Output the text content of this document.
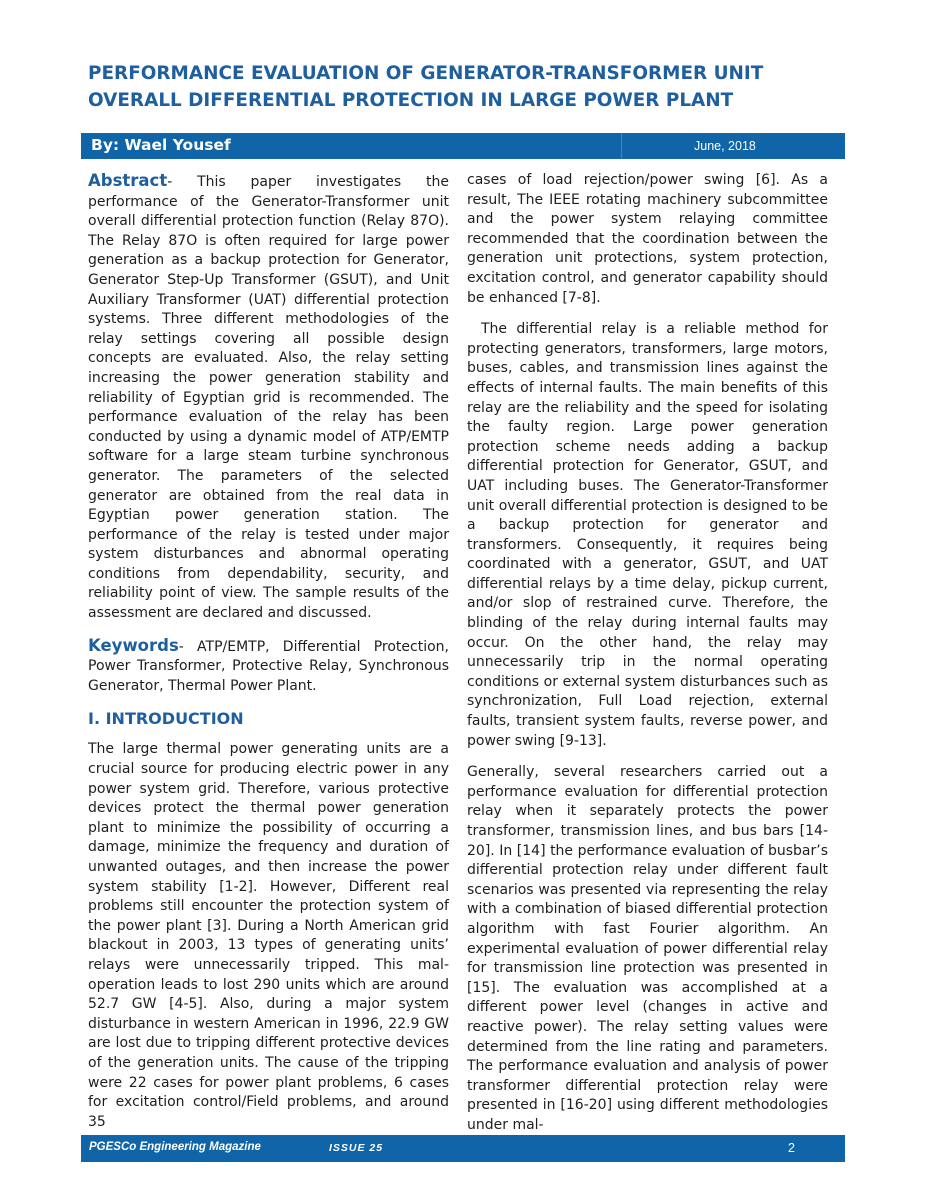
PERFORMANCE EVALUATION OF GENERATOR-TRANSFORMER UNIT
OVERALL DIFFERENTIAL PROTECTION IN LARGE POWER PLANT
By: Wael Yousef	June, 2018

Abstract- This paper investigates the performance of the Generator-Transformer unit overall differential protection function (Relay 87O). The Relay 87O is often required for large power generation as a backup protection for Generator, Generator Step-Up Transformer (GSUT), and Unit Auxiliary Transformer (UAT) differential protection systems. Three different methodologies of the relay settings covering all possible design concepts are evaluated. Also, the relay setting increasing the power generation stability and reliability of Egyptian grid is recommended. The performance evaluation of the relay has been conducted by using a dynamic model of ATP/EMTP software for a large steam turbine synchronous generator. The parameters of the selected generator are obtained from the real data in Egyptian power generation station. The performance of the relay is tested under major system disturbances and abnormal operating conditions from dependability, security, and reliability point of view. The sample results of the assessment are declared and discussed.

Keywords- ATP/EMTP, Differential Protection, Power Transformer, Protective Relay, Synchronous Generator, Thermal Power Plant.

I. INTRODUCTION

The large thermal power generating units are a crucial source for producing electric power in any power system grid. Therefore, various protective devices protect the thermal power generation plant to minimize the possibility of occurring a damage, minimize the frequency and duration of unwanted outages, and then increase the power system stability [1-2]. However, Different real problems still encounter the protection system of the power plant [3]. During a North American grid blackout in 2003, 13 types of generating units’ relays were unnecessarily tripped. This mal-operation leads to lost 290 units which are around 52.7 GW [4-5]. Also, during a major system disturbance in western American in 1996, 22.9 GW are lost due to tripping different protective devices of the generation units. The cause of the tripping were 22 cases for power plant problems, 6 cases for excitation control/Field problems, and around 35

cases of load rejection/power swing [6]. As a result, The IEEE rotating machinery subcommittee and the power system relaying committee recommended that the coordination between the generation unit protections, system protection, excitation control, and generator capability should be enhanced [7-8].

The differential relay is a reliable method for protecting generators, transformers, large motors, buses, cables, and transmission lines against the effects of internal faults. The main benefits of this relay are the reliability and the speed for isolating the faulty region. Large power generation protection scheme needs adding a backup differential protection for Generator, GSUT, and UAT including buses. The Generator-Transformer unit overall differential protection is designed to be a backup protection for generator and transformers. Consequently, it requires being coordinated with a generator, GSUT, and UAT differential relays by a time delay, pickup current, and/or slop of restrained curve. Therefore, the blinding of the relay during internal faults may occur. On the other hand, the relay may unnecessarily trip in the normal operating conditions or external system disturbances such as synchronization, Full Load rejection, external faults, transient system faults, reverse power, and power swing [9-13].

Generally, several researchers carried out a performance evaluation for differential protection relay when it separately protects the power transformer, transmission lines, and bus bars [14-20]. In [14] the performance evaluation of busbar’s differential protection relay under different fault scenarios was presented via representing the relay with a combination of biased differential protection algorithm with fast Fourier algorithm. An experimental evaluation of power differential relay for transmission line protection was presented in [15]. The evaluation was accomplished at a different power level (changes in active and reactive power). The relay setting values were determined from the line rating and parameters. The performance evaluation and analysis of power transformer differential protection relay were presented in [16-20] using different methodologies under mal-

PGESCo Engineering Magazine	ISSUE 25	2
